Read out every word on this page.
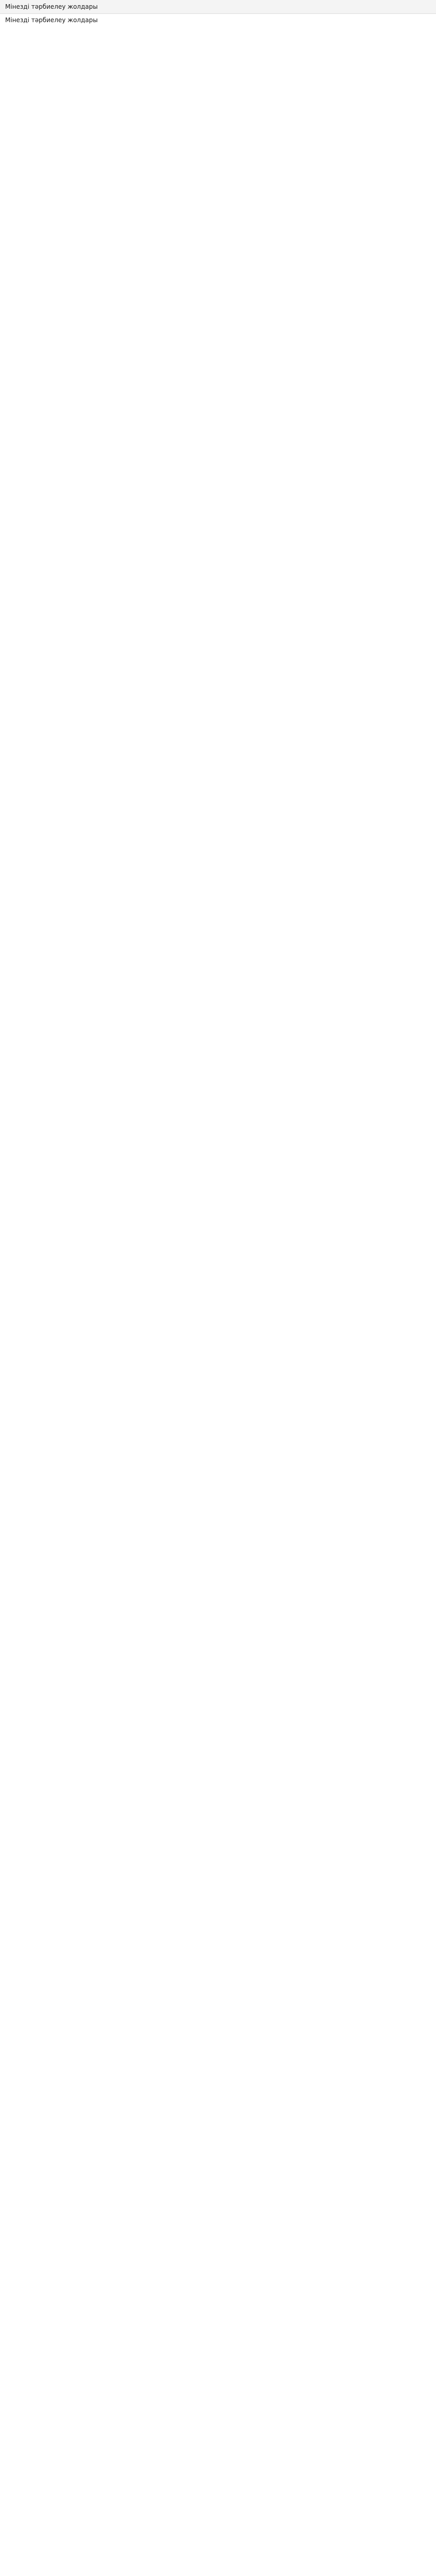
Мінезді тәрбиелеу жолдары
Мінезді тәрбиелеу жолдары
